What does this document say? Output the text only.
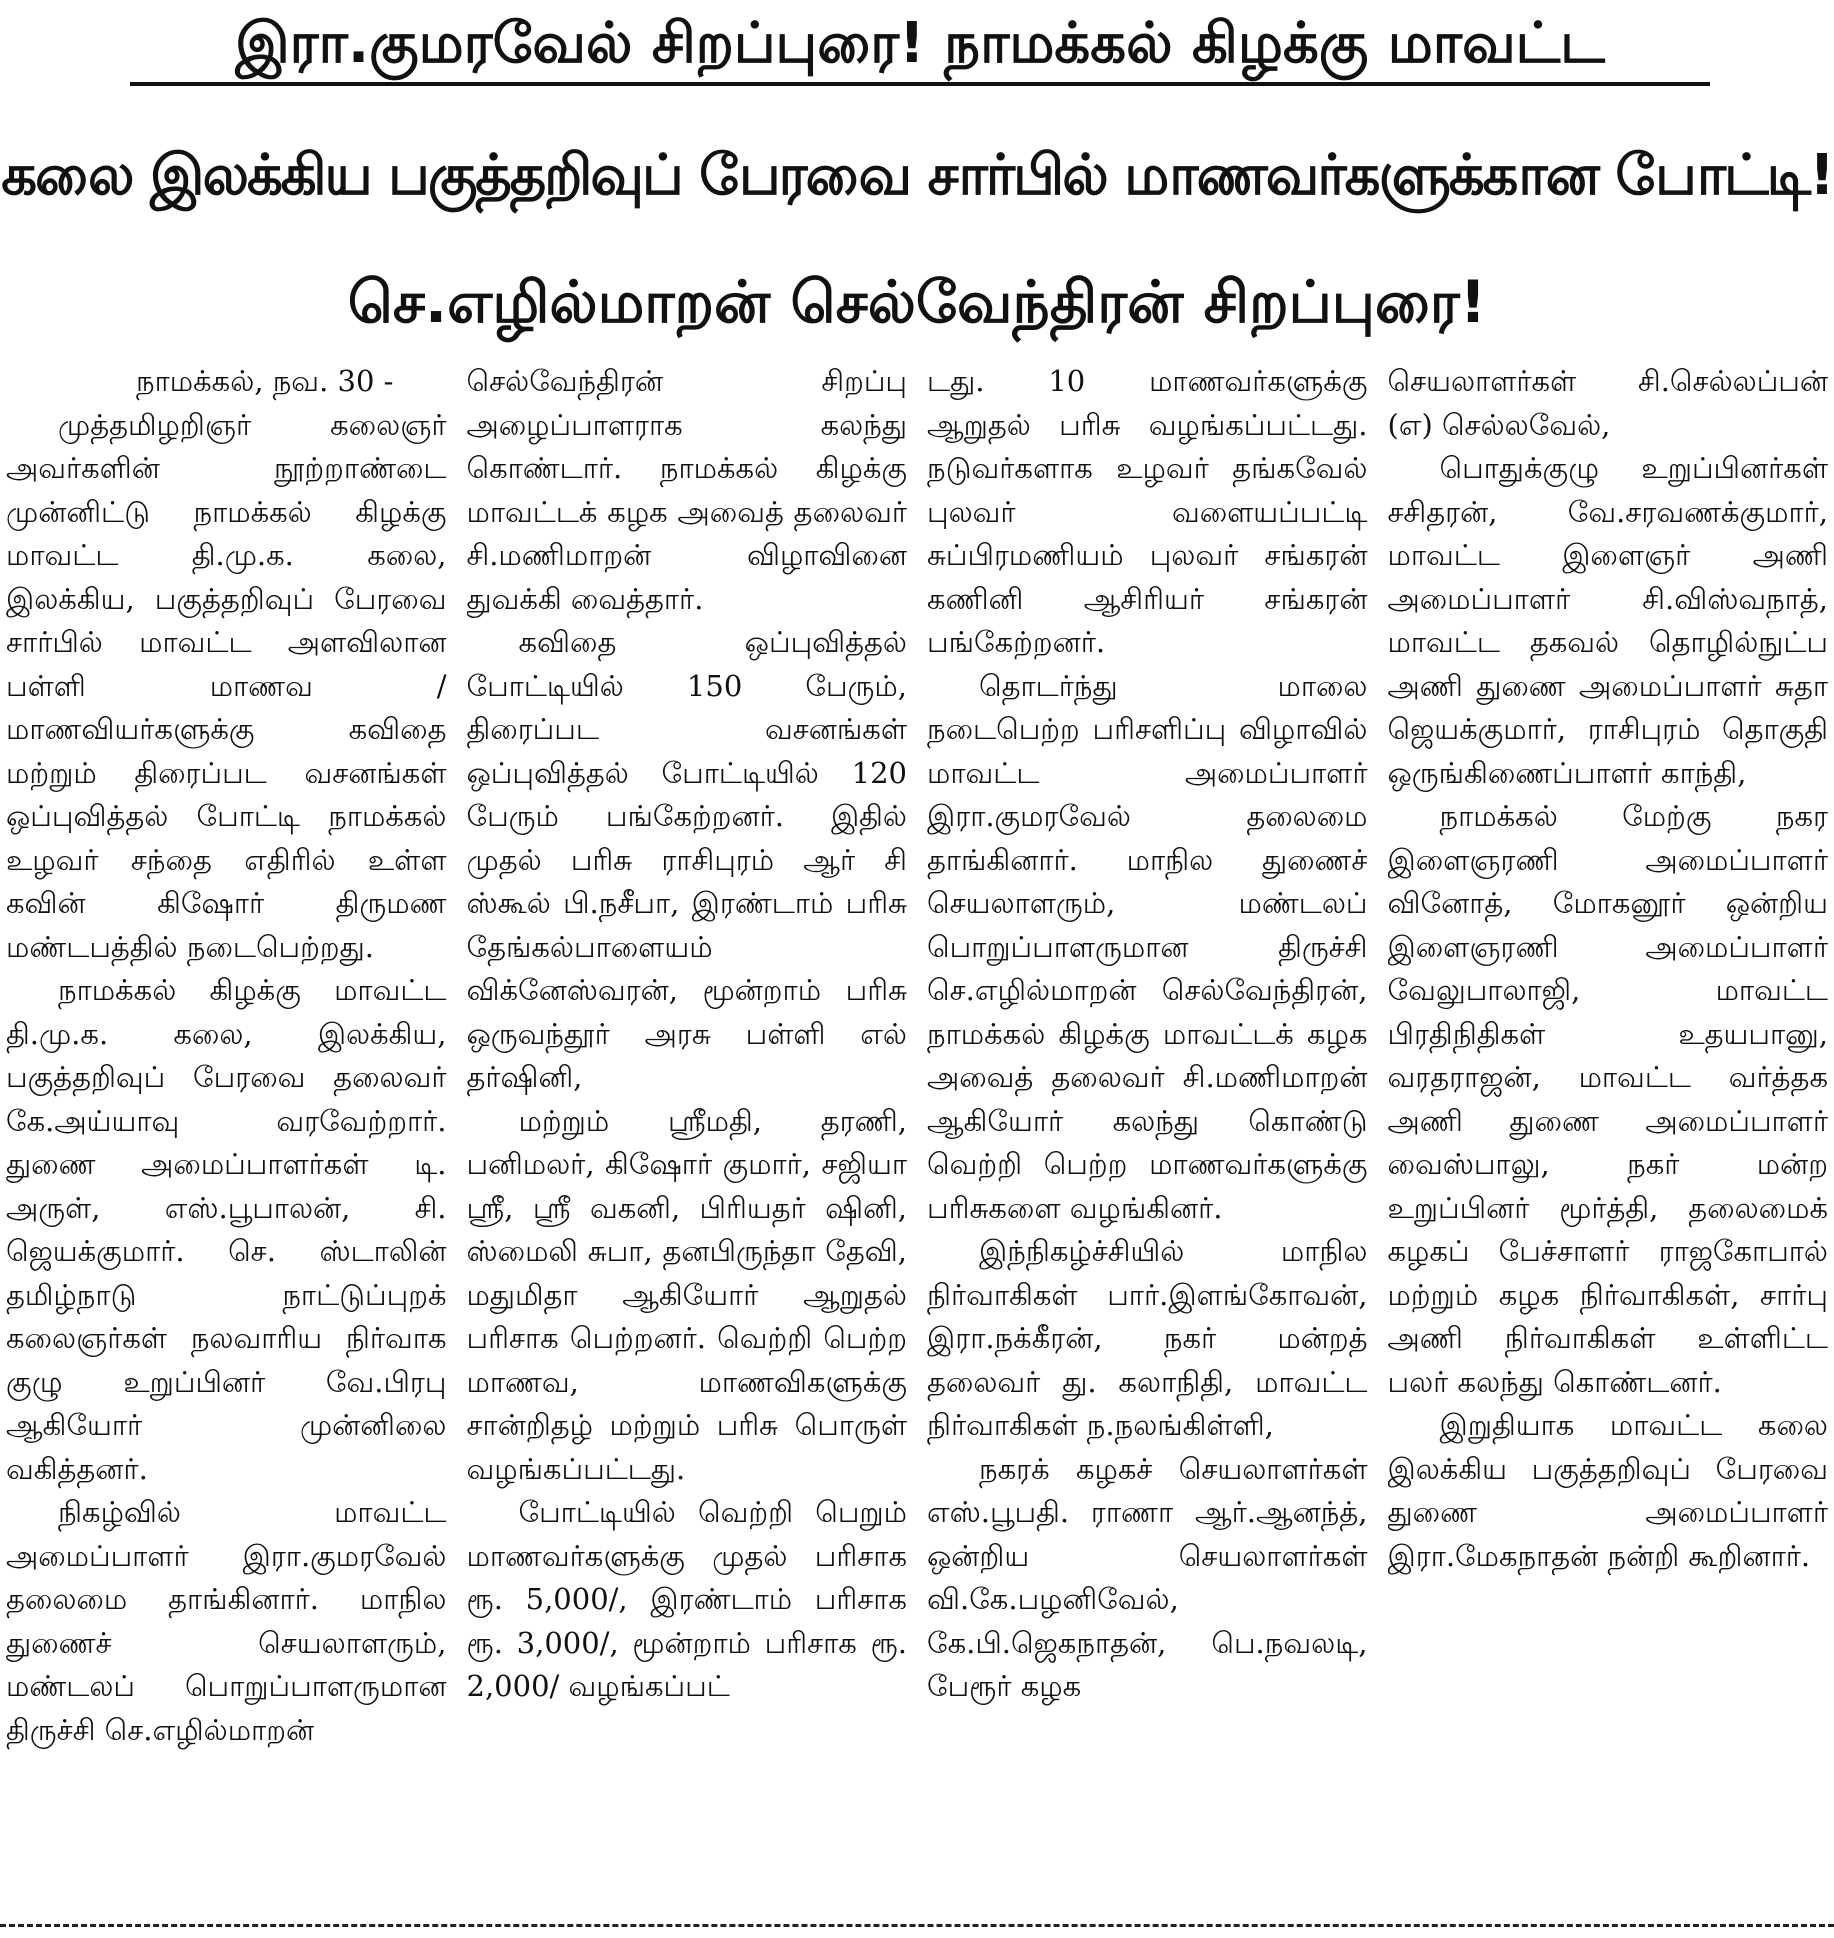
இரா.குமரவேல் சிறப்புரை! நாமக்கல் கிழக்கு மாவட்ட
கலை இலக்கிய பகுத்தறிவுப் பேரவை சார்பில் மாணவர்களுக்கான போட்டி!
செ.எழில்மாறன் செல்வேந்திரன் சிறப்புரை!

நாமக்கல், நவ. 30 -

முத்தமிழறிஞர் கலைஞர் அவர்களின் நூற்றாண்டை முன்னிட்டு நாமக்கல் கிழக்கு மாவட்ட தி.மு.க. கலை, இலக்கிய, பகுத்தறிவுப் பேரவை சார்பில் மாவட்ட அளவிலான பள்ளி மாணவ / மாணவியர்களுக்கு கவிதை மற்றும் திரைப்பட வசனங்கள் ஒப்புவித்தல் போட்டி நாமக்கல் உழவர் சந்தை எதிரில் உள்ள கவின் கிஷோர் திருமண மண்டபத்தில் நடைபெற்றது.

நாமக்கல் கிழக்கு மாவட்ட தி.மு.க. கலை, இலக்கிய, பகுத்தறிவுப் பேரவை தலைவர் கே.அய்யாவு வரவேற்றார். துணை அமைப்பாளர்கள் டி. அருள், எஸ்.பூபாலன், சி. ஜெயக்குமார். செ. ஸ்டாலின் தமிழ்நாடு நாட்டுப்புறக் கலைஞர்கள் நலவாரிய நிர்வாக குழு உறுப்பினர் வே.பிரபு ஆகியோர் முன்னிலை வகித்தனர்.

நிகழ்வில் மாவட்ட அமைப்பாளர் இரா.குமரவேல் தலைமை தாங்கினார். மாநில துணைச் செயலாளரும், மண்டலப் பொறுப்பாளருமான திருச்சி செ.எழில்மாறன்

செல்வேந்திரன் சிறப்பு அழைப்பாளராக கலந்து கொண்டார். நாமக்கல் கிழக்கு மாவட்டக் கழக அவைத் தலைவர் சி.மணிமாறன் விழாவினை துவக்கி வைத்தார்.

கவிதை ஒப்புவித்தல் போட்டியில் 150 பேரும், திரைப்பட வசனங்கள் ஒப்புவித்தல் போட்டியில் 120 பேரும் பங்கேற்றனர். இதில் முதல் பரிசு ராசிபுரம் ஆர் சி ஸ்கூல் பி.நசீபா, இரண்டாம் பரிசு தேங்கல்பாளையம் விக்னேஸ்வரன், மூன்றாம் பரிசு ஒருவந்தூர் அரசு பள்ளி எல் தர்ஷினி,

மற்றும் ஸ்ரீமதி, தரணி, பனிமலர், கிஷோர் குமார், சஜியா ஸ்ரீ, ஸ்ரீ வகனி, பிரியதர் ஷினி, ஸ்மைலி சுபா, தனபிருந்தா தேவி, மதுமிதா ஆகியோர் ஆறுதல் பரிசாக பெற்றனர். வெற்றி பெற்ற மாணவ, மாணவிகளுக்கு சான்றிதழ் மற்றும் பரிசு பொருள் வழங்கப்பட்டது.

போட்டியில் வெற்றி பெறும் மாணவர்களுக்கு முதல் பரிசாக ரூ. 5,000/, இரண்டாம் பரிசாக ரூ. 3,000/, மூன்றாம் பரிசாக ரூ. 2,000/ வழங்கப்பட்

டது. 10 மாணவர்களுக்கு ஆறுதல் பரிசு வழங்கப்பட்டது. நடுவர்களாக உழவர் தங்கவேல் புலவர் வளையப்பட்டி சுப்பிரமணியம் புலவர் சங்கரன் கணினி ஆசிரியர் சங்கரன் பங்கேற்றனர்.

தொடர்ந்து மாலை நடைபெற்ற பரிசளிப்பு விழாவில் மாவட்ட அமைப்பாளர் இரா.குமரவேல் தலைமை தாங்கினார். மாநில துணைச் செயலாளரும், மண்டலப் பொறுப்பாளருமான திருச்சி செ.எழில்மாறன் செல்வேந்திரன், நாமக்கல் கிழக்கு மாவட்டக் கழக அவைத் தலைவர் சி.மணிமாறன் ஆகியோர் கலந்து கொண்டு வெற்றி பெற்ற மாணவர்களுக்கு பரிசுகளை வழங்கினர்.

இந்நிகழ்ச்சியில் மாநில நிர்வாகிகள் பார்.இளங்கோவன், இரா.நக்கீரன், நகர் மன்றத் தலைவர் து. கலாநிதி, மாவட்ட நிர்வாகிகள் ந.நலங்கிள்ளி,

நகரக் கழகச் செயலாளர்கள் எஸ்.பூபதி. ராணா ஆர்.ஆனந்த், ஒன்றிய செயலாளர்கள் வி.கே.பழனிவேல், கே.பி.ஜெகநாதன், பெ.நவலடி, பேரூர் கழக

செயலாளர்கள் சி.செல்லப்பன் (எ) செல்லவேல்,

பொதுக்குழு உறுப்பினர்கள் சசிதரன், வே.சரவணக்குமார், மாவட்ட இளைஞர் அணி அமைப்பாளர் சி.விஸ்வநாத், மாவட்ட தகவல் தொழில்நுட்ப அணி துணை அமைப்பாளர் சுதா ஜெயக்குமார், ராசிபுரம் தொகுதி ஒருங்கிணைப்பாளர் காந்தி,

நாமக்கல் மேற்கு நகர இளைஞரணி அமைப்பாளர் வினோத், மோகனூர் ஒன்றிய இளைஞரணி அமைப்பாளர் வேலுபாலாஜி, மாவட்ட பிரதிநிதிகள் உதயபானு, வரதராஜன், மாவட்ட வர்த்தக அணி துணை அமைப்பாளர் வைஸ்பாலு, நகர் மன்ற உறுப்பினர் மூர்த்தி, தலைமைக் கழகப் பேச்சாளர் ராஜகோபால் மற்றும் கழக நிர்வாகிகள், சார்பு அணி நிர்வாகிகள் உள்ளிட்ட பலர் கலந்து கொண்டனர்.

இறுதியாக மாவட்ட கலை இலக்கிய பகுத்தறிவுப் பேரவை துணை அமைப்பாளர் இரா.மேகநாதன் நன்றி கூறினார்.
